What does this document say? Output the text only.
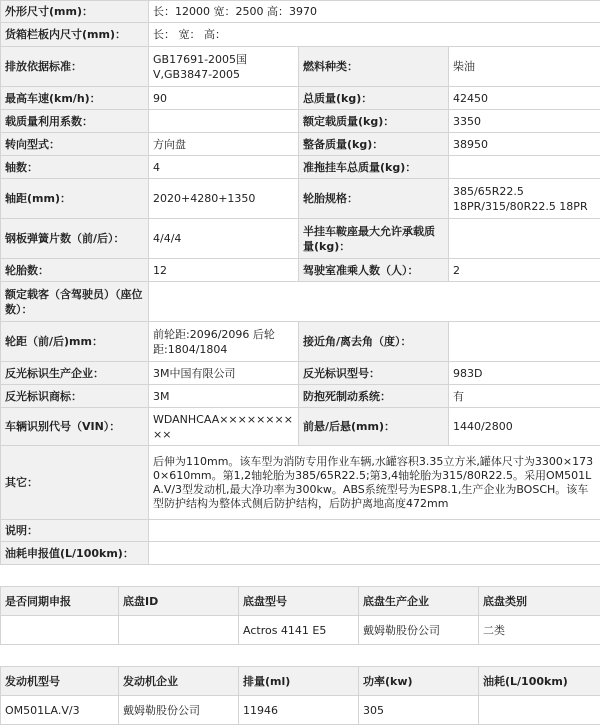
外形尺寸(mm)：	长：12000 宽：2500 高：3970		
货箱栏板内尺寸(mm)：	长： 宽： 高：		
排放依据标准：	GB17691-2005国Ⅴ,GB3847-2005	燃料种类：	柴油
最高车速(km/h)：	90	总质量(kg)：	42450
载质量利用系数：		额定载质量(kg)：	3350
转向型式：	方向盘	整备质量(kg)：	38950
轴数：	4	准拖挂车总质量(kg)：	
轴距(mm)：	2020+4280+1350	轮胎规格：	385/65R22.5 18PR/315/80R22.5 18PR
钢板弹簧片数（前/后）：	4/4/4	半挂车鞍座最大允许承载质量(kg)：	
轮胎数：	12	驾驶室准乘人数（人）：	2
额定载客（含驾驶员）（座位数）：			
轮距（前/后)mm：	前轮距:2096/2096 后轮距:1804/1804	接近角/离去角（度）：	
反光标识生产企业：	3M中国有限公司	反光标识型号：	983D
反光标识商标：	3M	防抱死制动系统：	有
车辆识别代号（VIN）：	WDANHCAA××××××××××	前悬/后悬(mm)：	1440/2800
其它：	后伸为110mm。该车型为消防专用作业车辆,水罐容积3.35立方米,罐体尺寸为3300×1730×610mm。第1,2轴轮胎为385/65R22.5;第3,4轴轮胎为315/80R22.5。采用OM501LA.V/3型发动机,最大净功率为300kw。ABS系统型号为ESP8.1,生产企业为BOSCH。该车型防护结构为整体式侧后防护结构，后防护离地高度472mm		
说明：			
油耗申报值(L/100km)：			
是否同期申报	底盘ID	底盘型号	底盘生产企业	底盘类别
		Actros 4141 E5	戴姆勒股份公司	二类
发动机型号	发动机企业	排量(ml)	功率(kw)	油耗(L/100km)
OM501LA.V/3	戴姆勒股份公司	11946	305	
